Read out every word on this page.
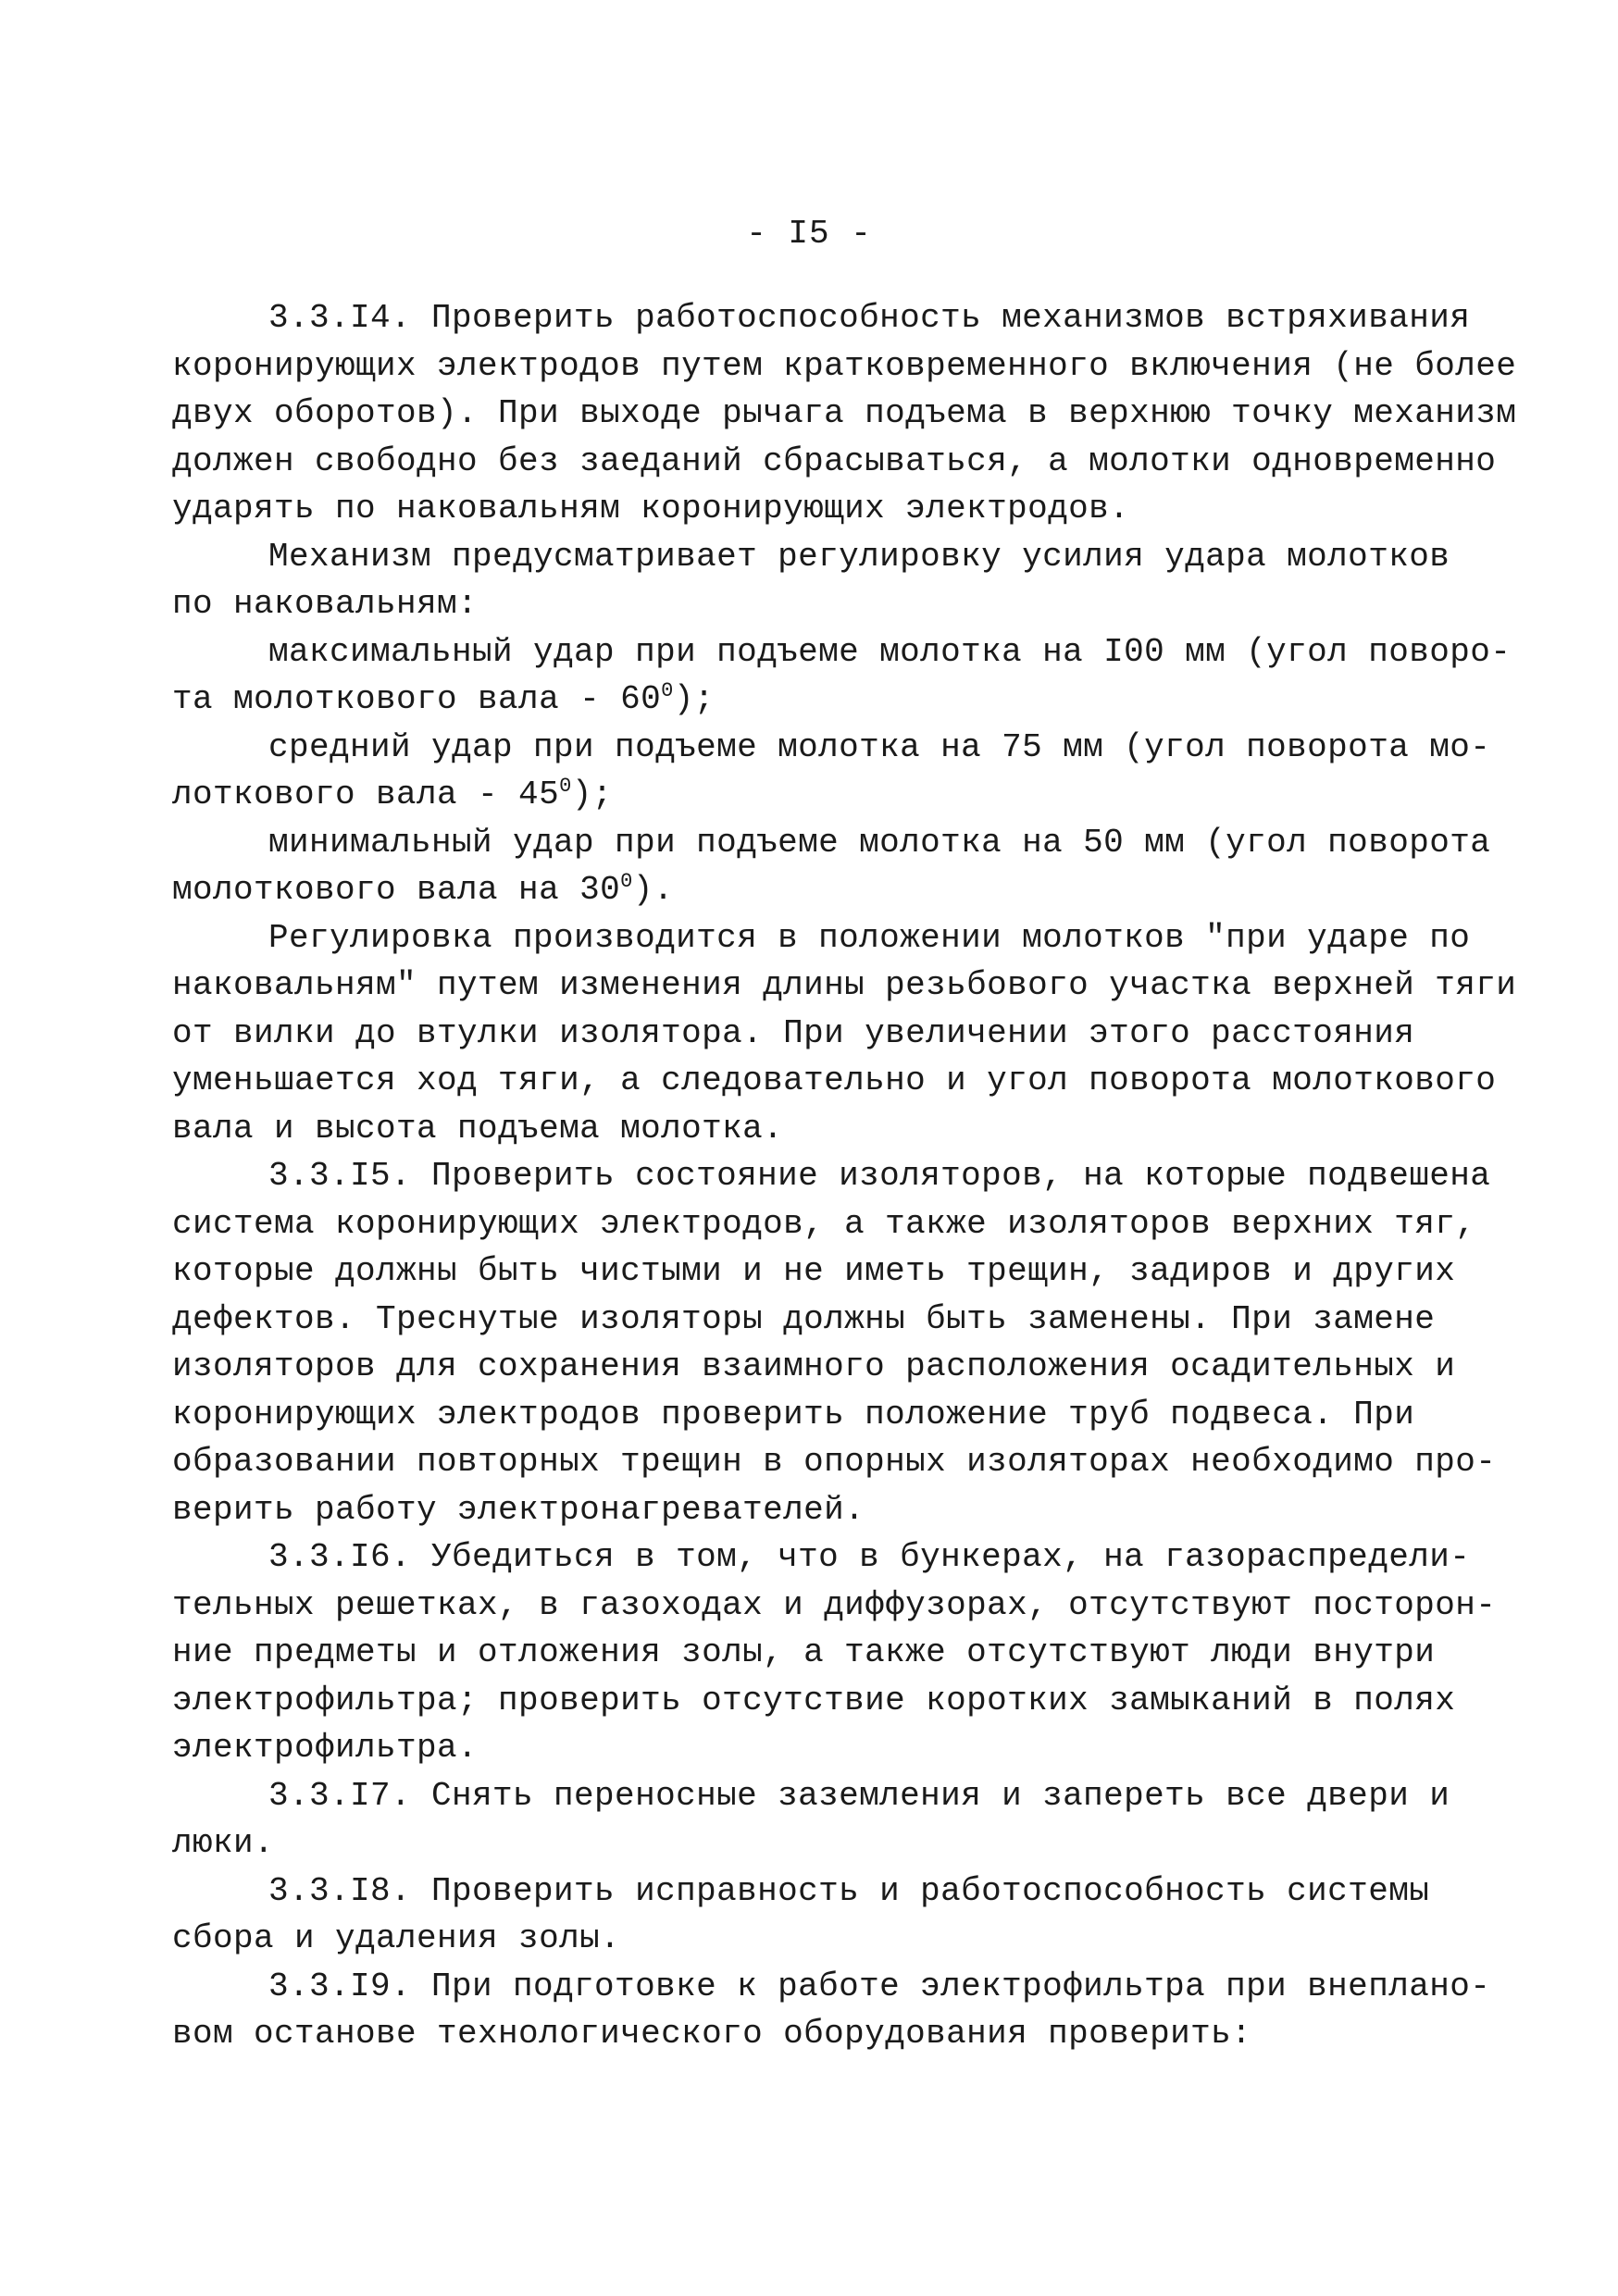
- I5 -
3.3.I4. Проверить работоспособность механизмов встряхивания
коронирующих электродов путем кратковременного включения (не более
двух оборотов). При выходе рычага подъема в верхнюю точку механизм
должен свободно без заеданий сбрасываться, а молотки одновременно
ударять по наковальням коронирующих электродов.
Механизм предусматривает регулировку усилия удара молотков
по наковальням:
максимальный удар при подъеме молотка на I00 мм (угол поворо-
та молоткового вала - $60^0$);
средний удар при подъеме молотка на 75 мм (угол поворота мо-
лоткового вала - $45^0$);
минимальный удар при подъеме молотка на 50 мм (угол поворота
молоткового вала на $30^0$).
Регулировка производится в положении молотков "при ударе по
наковальням" путем изменения длины резьбового участка верхней тяги
от вилки до втулки изолятора. При увеличении этого расстояния
уменьшается ход тяги, а следовательно и угол поворота молоткового
вала и высота подъема молотка.
3.3.I5. Проверить состояние изоляторов, на которые подвешена
система коронирующих электродов, а также изоляторов верхних тяг,
которые должны быть чистыми и не иметь трещин, задиров и других
дефектов. Треснутые изоляторы должны быть заменены. При замене
изоляторов для сохранения взаимного расположения осадительных и
коронирующих электродов проверить положение труб подвеса. При
образовании повторных трещин в опорных изоляторах необходимо про-
верить работу электронагревателей.
3.3.I6. Убедиться в том, что в бункерах, на газораспредели-
тельных решетках, в газоходах и диффузорах, отсутствуют посторон-
ние предметы и отложения золы, а также отсутствуют люди внутри
электрофильтра; проверить отсутствие коротких замыканий в полях
электрофильтра.
3.3.I7. Снять переносные заземления и запереть все двери и
люки.
3.3.I8. Проверить исправность и работоспособность системы
сбора и удаления золы.
3.3.I9. При подготовке к работе электрофильтра при внеплано-
вом останове технологического оборудования проверить:
